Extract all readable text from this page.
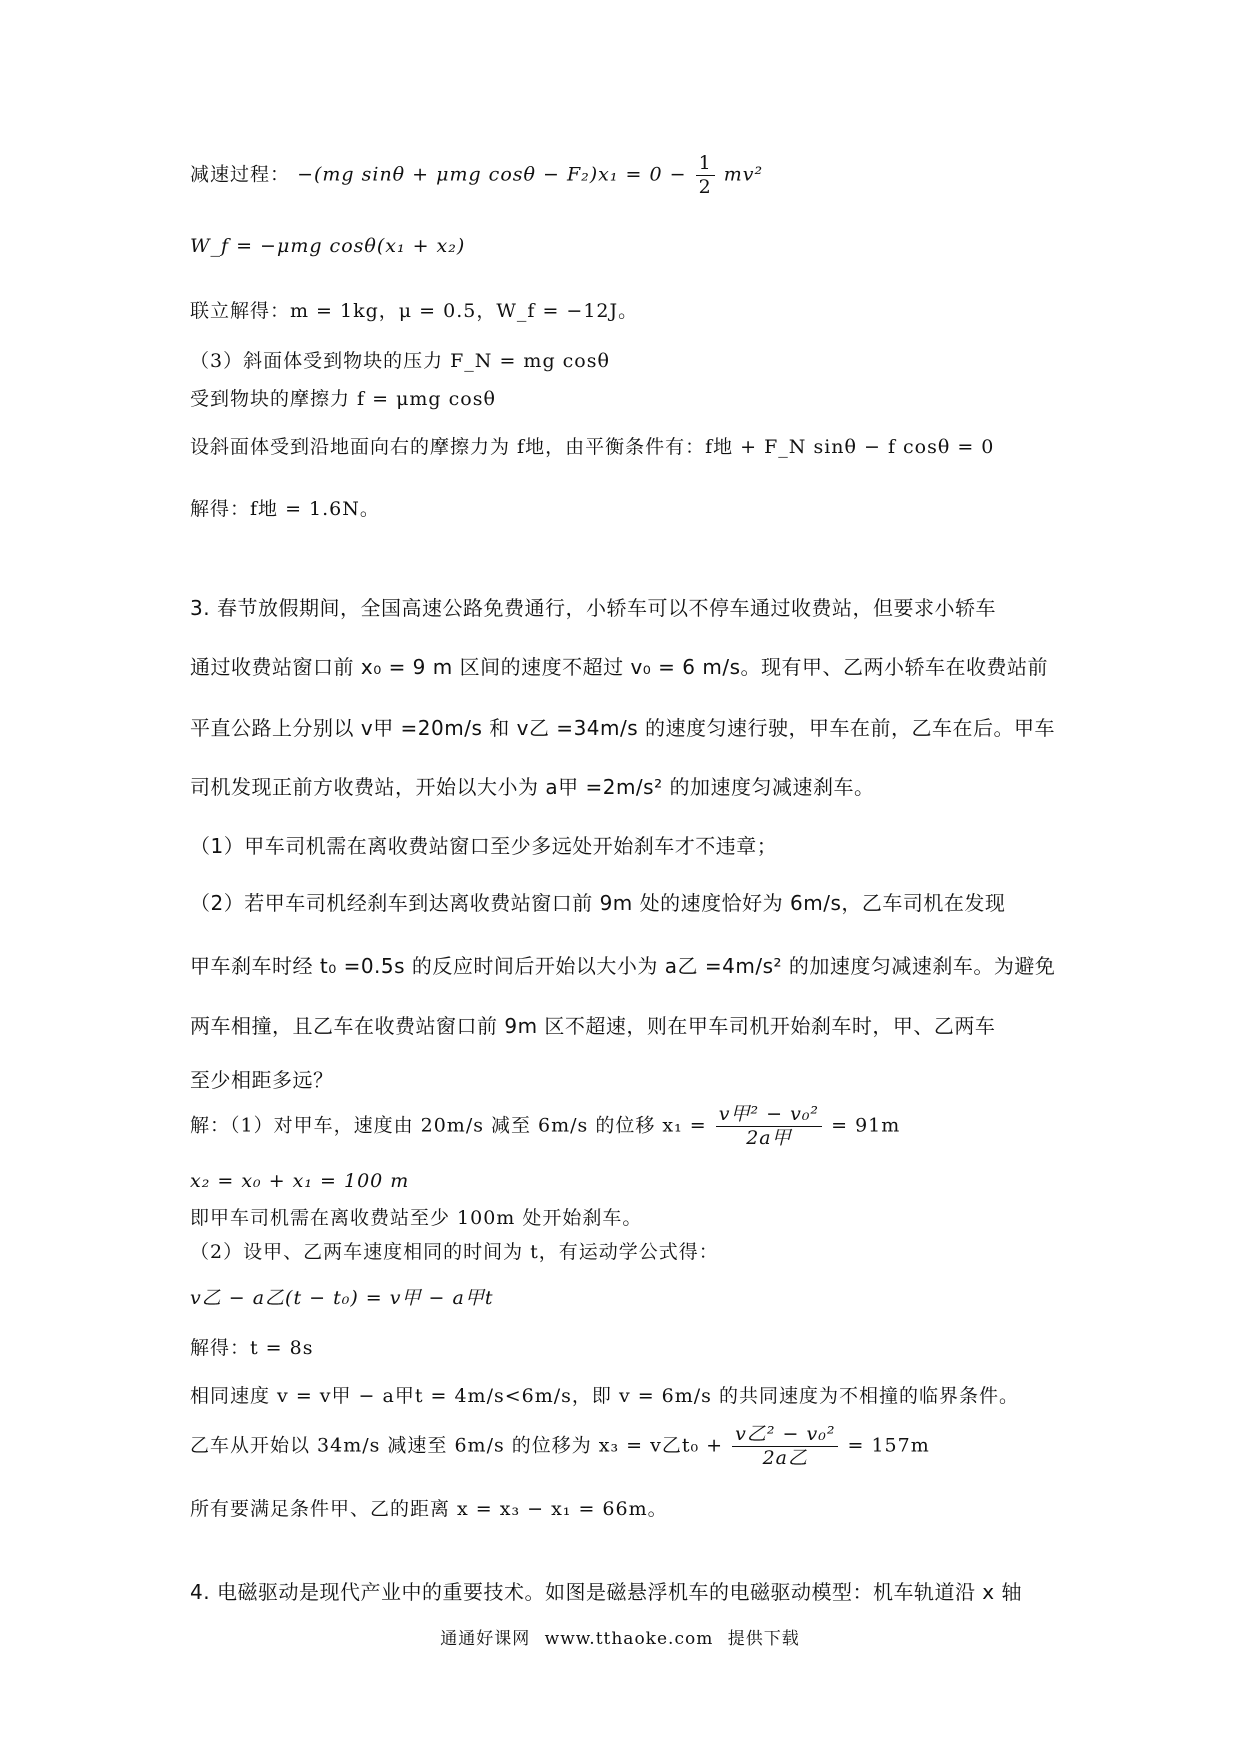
减速过程： −(mg sinθ + μmg $\cos\theta - F_2)x_1 = 0 - \frac{1}{2} mv^2$
W_f = −μmg cosθ(x₁ + x₂)
联立解得：m = 1kg，μ = 0.5，W_f = −12J。
（3）斜面体受到物块的压力 F_N = mg cosθ
受到物块的摩擦力 f = μmg cosθ
设斜面体受到沿地面向右的摩擦力为 f地，由平衡条件有：f地 + F_N sinθ − f cosθ = 0
解得：f地 = 1.6N。
3. 春节放假期间，全国高速公路免费通行，小轿车可以不停车通过收费站，但要求小轿车
通过收费站窗口前 x₀ = 9 m 区间的速度不超过 v₀ = 6 m/s。现有甲、乙两小轿车在收费站前
平直公路上分别以 v甲 =20m/s 和 v乙 =34m/s 的速度匀速行驶，甲车在前，乙车在后。甲车
司机发现正前方收费站，开始以大小为 a甲 =2m/s² 的加速度匀减速刹车。
（1）甲车司机需在离收费站窗口至少多远处开始刹车才不违章；
（2）若甲车司机经刹车到达离收费站窗口前 9m 处的速度恰好为 6m/s，乙车司机在发现
甲车刹车时经 t₀ =0.5s 的反应时间后开始以大小为 a乙 =4m/s² 的加速度匀减速刹车。为避免
两车相撞，且乙车在收费站窗口前 9m 区不超速，则在甲车司机开始刹车时，甲、乙两车
至少相距多远？
解：（1）对甲车，速度由 20m/s 减至 6m/s 的位移 $x_1 = \frac{\text{v甲² − v₀²}}{\text{2a甲}} = 91m$
x₂ = x₀ + x₁ = 100 m
即甲车司机需在离收费站至少 100m 处开始刹车。
（2）设甲、乙两车速度相同的时间为 t，有运动学公式得：
v乙 − a乙(t − t₀) = v甲 − a甲t
解得：t = 8s
相同速度 v = v甲 − a甲t = 4m/s<6m/s，即 v = 6m/s 的共同速度为不相撞的临界条件。
乙车从开始以 34m/s 减速至 6m/s 的位移为 x₃ = v乙$t_0 + \frac{\text{v乙² − v₀²}}{\text{2a乙}} = 157m$
所有要满足条件甲、乙的距离 x = x₃ − x₁ = 66m。
4. 电磁驱动是现代产业中的重要技术。如图是磁悬浮机车的电磁驱动模型：机车轨道沿 x 轴
通通好课网 www.tthaoke.com 提供下载
